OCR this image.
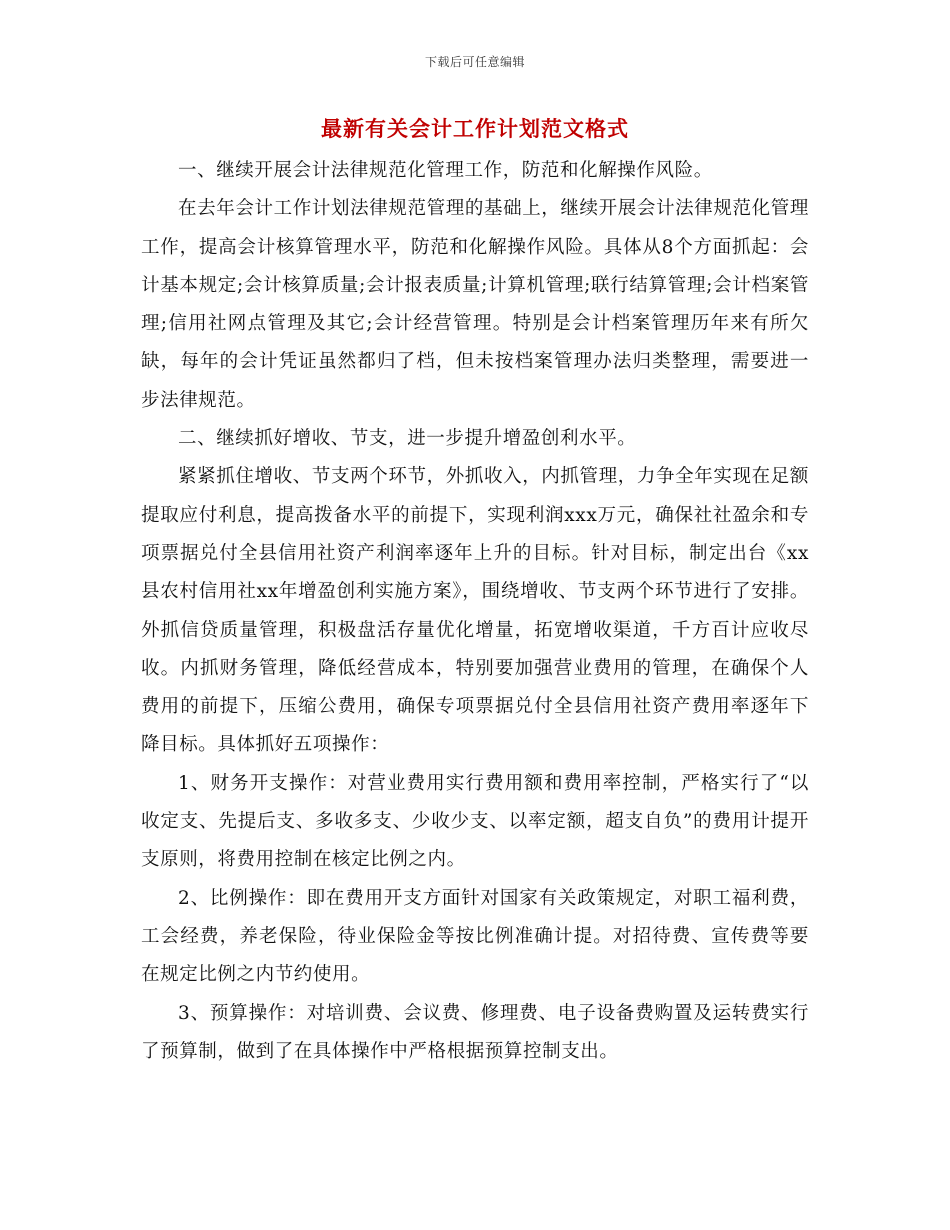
下载后可任意编辑
最新有关会计工作计划范文格式

一、继续开展会计法律规范化管理工作，防范和化解操作风险。

在去年会计工作计划法律规范管理的基础上，继续开展会计法律规范化管理工作，提高会计核算管理水平，防范和化解操作风险。具体从8个方面抓起：会计基本规定;会计核算质量;会计报表质量;计算机管理;联行结算管理;会计档案管理;信用社网点管理及其它;会计经营管理。特别是会计档案管理历年来有所欠缺，每年的会计凭证虽然都归了档，但未按档案管理办法归类整理，需要进一步法律规范。

二、继续抓好增收、节支，进一步提升增盈创利水平。

紧紧抓住增收、节支两个环节，外抓收入，内抓管理，力争全年实现在足额提取应付利息，提高拨备水平的前提下，实现利润xxx万元，确保社社盈余和专项票据兑付全县信用社资产利润率逐年上升的目标。针对目标，制定出台《xx县农村信用社xx年增盈创利实施方案》，围绕增收、节支两个环节进行了安排。外抓信贷质量管理，积极盘活存量优化增量，拓宽增收渠道，千方百计应收尽收。内抓财务管理，降低经营成本，特别要加强营业费用的管理，在确保个人费用的前提下，压缩公费用，确保专项票据兑付全县信用社资产费用率逐年下降目标。具体抓好五项操作：

1、财务开支操作：对营业费用实行费用额和费用率控制，严格实行了“以收定支、先提后支、多收多支、少收少支、以率定额，超支自负”的费用计提开支原则，将费用控制在核定比例之内。

2、比例操作：即在费用开支方面针对国家有关政策规定，对职工福利费，工会经费，养老保险，待业保险金等按比例准确计提。对招待费、宣传费等要在规定比例之内节约使用。

3、预算操作：对培训费、会议费、修理费、电子设备费购置及运转费实行了预算制，做到了在具体操作中严格根据预算控制支出。
